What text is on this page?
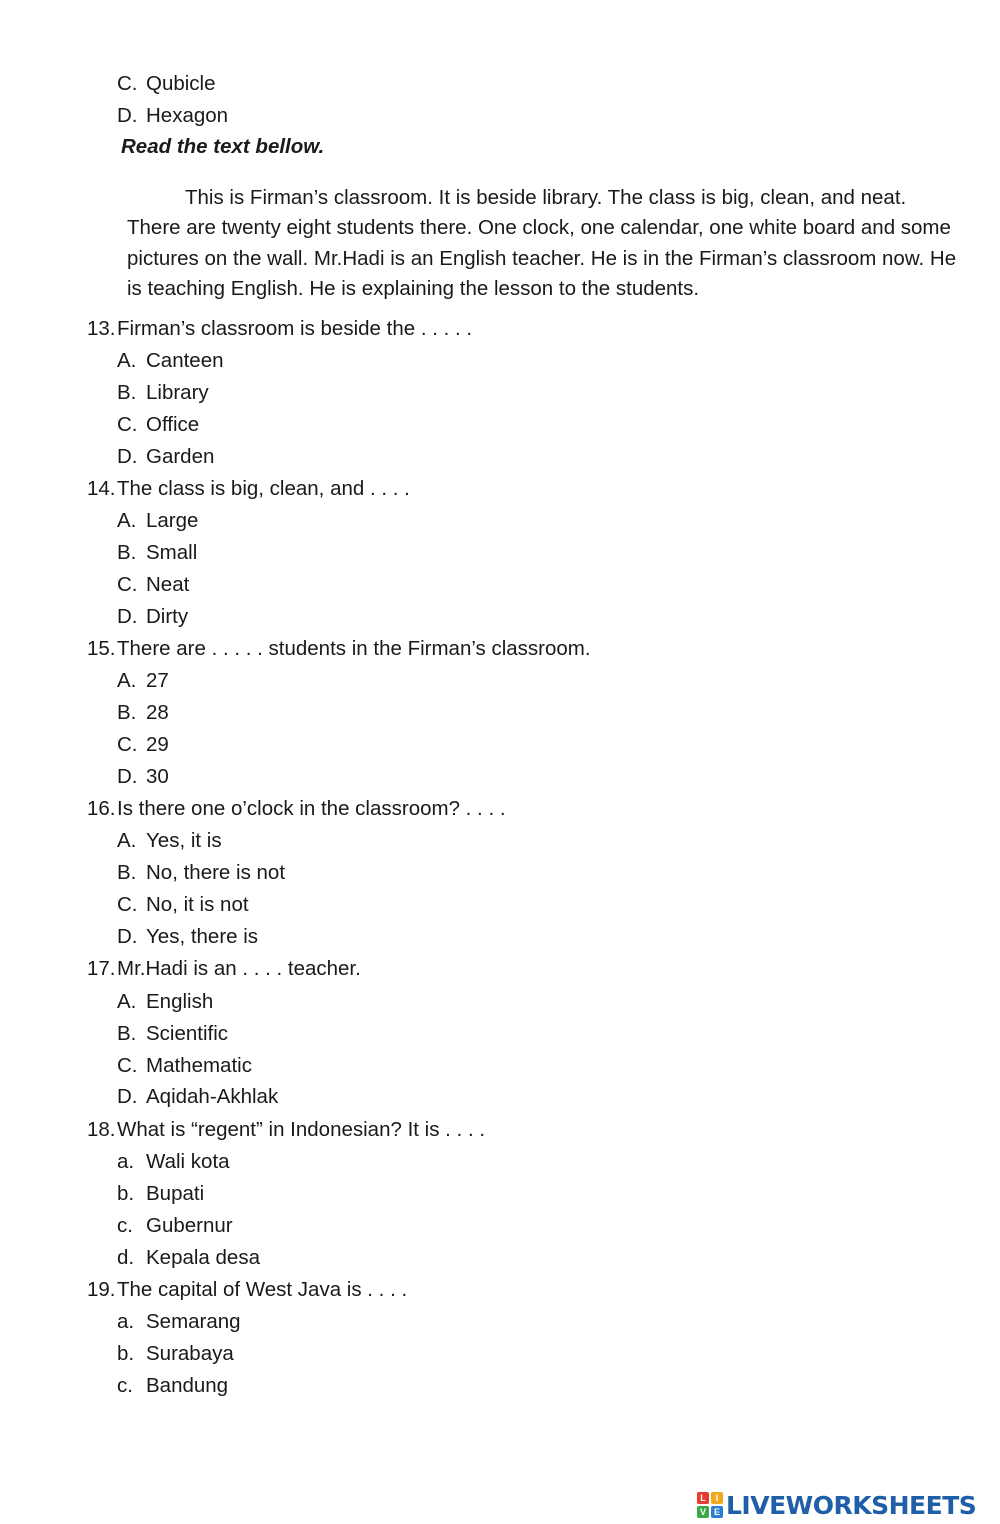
C. Qubicle
D. Hexagon
Read the text bellow.

This is Firman’s classroom. It is beside library. The class is big, clean, and neat. There are twenty eight students there. One clock, one calendar, one white board and some pictures on the wall. Mr.Hadi is an English teacher. He is in the Firman’s classroom now. He is teaching English. He is explaining the lesson to the students.

13.Firman’s classroom is beside the . . . . .
A. Canteen
B. Library
C. Office
D. Garden
14.The class is big, clean, and . . . .
A. Large
B. Small
C. Neat
D. Dirty
15.There are . . . . . students in the Firman’s classroom.
A. 27
B. 28
C. 29
D. 30
16.Is there one o’clock in the classroom? . . . .
A. Yes, it is
B. No, there is not
C. No, it is not
D. Yes, there is
17.Mr.Hadi is an . . . . teacher.
A. English
B. Scientific
C. Mathematic
D. Aqidah-Akhlak
18.What is “regent” in Indonesian? It is . . . .
a. Wali kota
b. Bupati
c. Gubernur
d. Kepala desa
19.The capital of West Java is . . . .
a. Semarang
b. Surabaya
c. Bandung
L	I
V E LIVEWORKSHEETS
